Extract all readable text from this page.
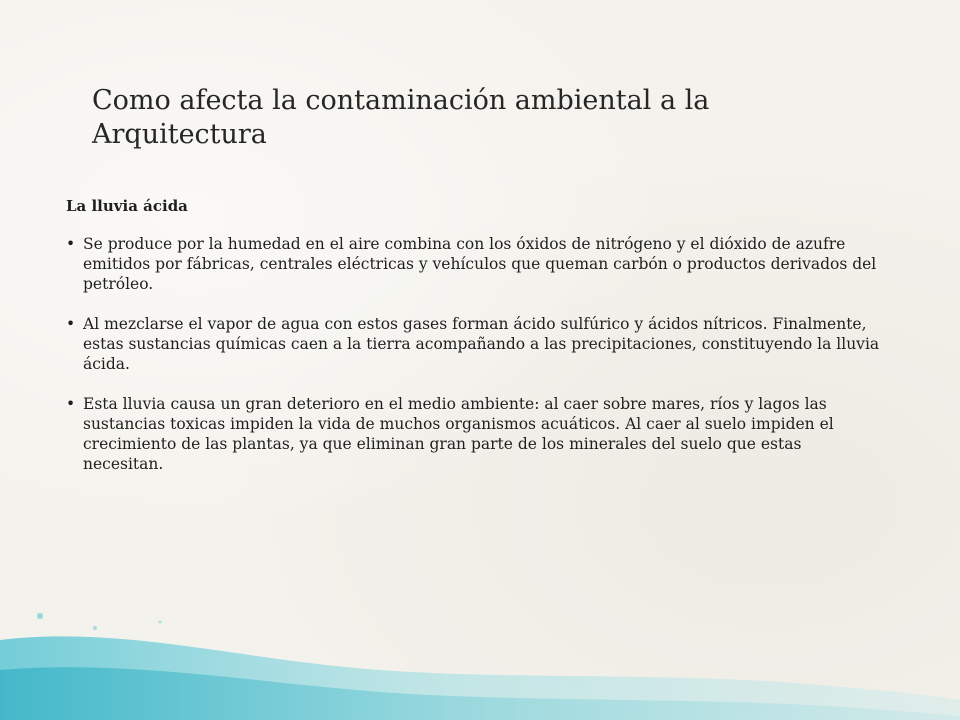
Como afecta la contaminación ambiental a la Arquitectura

La lluvia ácida

• Se produce por la humedad en el aire combina con los óxidos de nitrógeno y el dióxido de azufre emitidos por fábricas, centrales eléctricas y vehículos que queman carbón o productos derivados del petróleo.
• Al mezclarse el vapor de agua con estos gases forman ácido sulfúrico y ácidos nítricos. Finalmente, estas sustancias químicas caen a la tierra acompañando a las precipitaciones, constituyendo la lluvia ácida.
• Esta lluvia causa un gran deterioro en el medio ambiente: al caer sobre mares, ríos y lagos las sustancias toxicas impiden la vida de muchos organismos acuáticos. Al caer al suelo impiden el crecimiento de las plantas, ya que eliminan gran parte de los minerales del suelo que estas necesitan.
